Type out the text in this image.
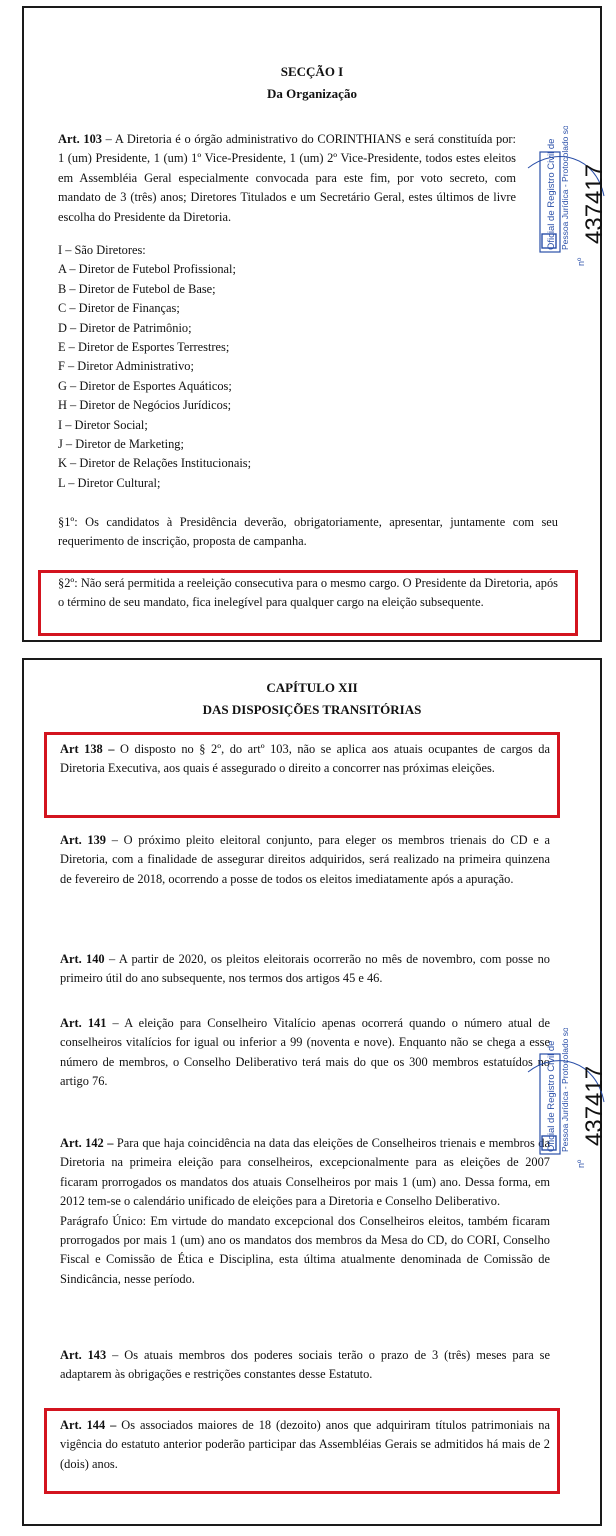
SECÇÃO I
Da Organização
Art. 103 – A Diretoria é o órgão administrativo do CORINTHIANS e será constituída por: 1 (um) Presidente, 1 (um) 1º Vice-Presidente, 1 (um) 2º Vice-Presidente, todos estes eleitos em Assembléia Geral especialmente convocada para este fim, por voto secreto, com mandato de 3 (três) anos; Diretores Titulados e um Secretário Geral, estes últimos de livre escolha do Presidente da Diretoria.
I – São Diretores:
A – Diretor de Futebol Profissional;
B – Diretor de Futebol de Base;
C – Diretor de Finanças;
D – Diretor de Patrimônio;
E – Diretor de Esportes Terrestres;
F – Diretor Administrativo;
G – Diretor de Esportes Aquáticos;
H – Diretor de Negócios Jurídicos;
I – Diretor Social;
J – Diretor de Marketing;
K – Diretor de Relações Institucionais;
L – Diretor Cultural;
§1º: Os candidatos à Presidência deverão, obrigatoriamente, apresentar, juntamente com seu requerimento de inscrição, proposta de campanha.
§2º: Não será permitida a reeleição consecutiva para o mesmo cargo. O Presidente da Diretoria, após o término de seu mandato, fica inelegível para qualquer cargo na eleição subsequente.
Oficial de Registro Civil de Pessoa Jurídica - Protocolado sob 437417
nº
CAPÍTULO XII
DAS DISPOSIÇÕES TRANSITÓRIAS
Art 138 – O disposto no § 2º, do artº 103, não se aplica aos atuais ocupantes de cargos da Diretoria Executiva, aos quais é assegurado o direito a concorrer nas próximas eleições.
Art. 139 – O próximo pleito eleitoral conjunto, para eleger os membros trienais do CD e a Diretoria, com a finalidade de assegurar direitos adquiridos, será realizado na primeira quinzena de fevereiro de 2018, ocorrendo a posse de todos os eleitos imediatamente após a apuração.
Art. 140 – A partir de 2020, os pleitos eleitorais ocorrerão no mês de novembro, com posse no primeiro útil do ano subsequente, nos termos dos artigos 45 e 46.
Art. 141 – A eleição para Conselheiro Vitalício apenas ocorrerá quando o número atual de conselheiros vitalícios for igual ou inferior a 99 (noventa e nove). Enquanto não se chega a esse número de membros, o Conselho Deliberativo terá mais do que os 300 membros estatuídos no artigo 76.
Art. 142 – Para que haja coincidência na data das eleições de Conselheiros trienais e membros da Diretoria na primeira eleição para conselheiros, excepcionalmente para as eleições de 2007 ficaram prorrogados os mandatos dos atuais Conselheiros por mais 1 (um) ano. Dessa forma, em 2012 tem-se o calendário unificado de eleições para a Diretoria e Conselho Deliberativo.
Parágrafo Único: Em virtude do mandato excepcional dos Conselheiros eleitos, também ficaram prorrogados por mais 1 (um) ano os mandatos dos membros da Mesa do CD, do CORI, Conselho Fiscal e Comissão de Ética e Disciplina, esta última atualmente denominada de Comissão de Sindicância, nesse período.
Art. 143 – Os atuais membros dos poderes sociais terão o prazo de 3 (três) meses para se adaptarem às obrigações e restrições constantes desse Estatuto.
Art. 144 – Os associados maiores de 18 (dezoito) anos que adquiriram títulos patrimoniais na vigência do estatuto anterior poderão participar das Assembléias Gerais se admitidos há mais de 2 (dois) anos.
Oficial de Registro Civil de Pessoa Jurídica - Protocolado sob 437417
nº
